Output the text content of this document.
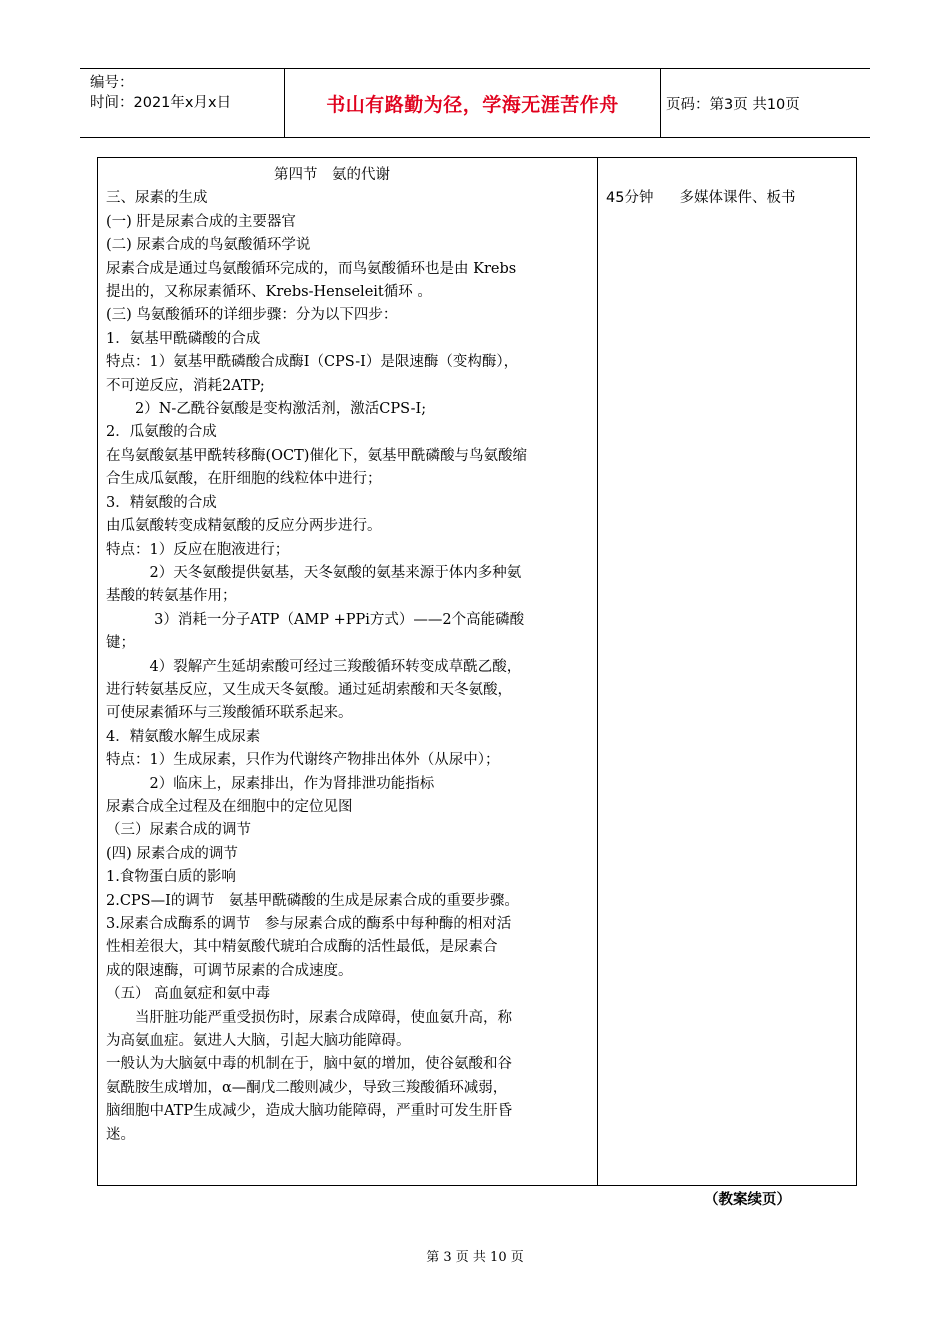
编号：
时间：2021年x月x日	书山有路勤为径，学海无涯苦作舟	页码：第3页 共10页
第四节　氨的代谢
三、尿素的生成
(一) 肝是尿素合成的主要器官
(二) 尿素合成的鸟氨酸循环学说
尿素合成是通过鸟氨酸循环完成的，而鸟氨酸循环也是由 Krebs
提出的，又称尿素循环、Krebs-Henseleit循环 。
(三) 鸟氨酸循环的详细步骤：分为以下四步：
1．氨基甲酰磷酸的合成
特点：1）氨基甲酰磷酸合成酶Ⅰ（CPS-Ⅰ）是限速酶（变构酶），
不可逆反应，消耗2ATP;
　　2）N-乙酰谷氨酸是变构激活剂，激活CPS-Ⅰ;
2．瓜氨酸的合成
在鸟氨酸氨基甲酰转移酶(OCT)催化下，氨基甲酰磷酸与鸟氨酸缩
合生成瓜氨酸，在肝细胞的线粒体中进行；
3．精氨酸的合成
由瓜氨酸转变成精氨酸的反应分两步进行。
特点：1）反应在胞液进行；
　　　2）天冬氨酸提供氨基，天冬氨酸的氨基来源于体内多种氨
基酸的转氨基作用；
　　　 3）消耗一分子ATP（AMP +PPi方式）——2个高能磷酸
键；
　　　4）裂解产生延胡索酸可经过三羧酸循环转变成草酰乙酸，
进行转氨基反应，又生成天冬氨酸。通过延胡索酸和天冬氨酸，
可使尿素循环与三羧酸循环联系起来。
4．精氨酸水解生成尿素
特点：1）生成尿素，只作为代谢终产物排出体外（从尿中）；
　　　2）临床上，尿素排出，作为肾排泄功能指标
尿素合成全过程及在细胞中的定位见图
（三）尿素合成的调节
(四) 尿素合成的调节
1.食物蛋白质的影响
2.CPS—Ⅰ的调节　氨基甲酰磷酸的生成是尿素合成的重要步骤。
3.尿素合成酶系的调节　参与尿素合成的酶系中每种酶的相对活
性相差很大，其中精氨酸代琥珀合成酶的活性最低，是尿素合
成的限速酶，可调节尿素的合成速度。
（五） 高血氨症和氨中毒
　　当肝脏功能严重受损伤时，尿素合成障碍，使血氨升高，称
为高氨血症。氨进人大脑，引起大脑功能障碍。
一般认为大脑氨中毒的机制在于，脑中氨的增加，使谷氨酸和谷
氨酰胺生成增加，α—酮戊二酸则减少，导致三羧酸循环减弱，
脑细胞中ATP生成减少，造成大脑功能障碍，严重时可发生肝昏
迷。
45分钟 多媒体课件、板书
（教案续页）
第 3 页 共 10 页
